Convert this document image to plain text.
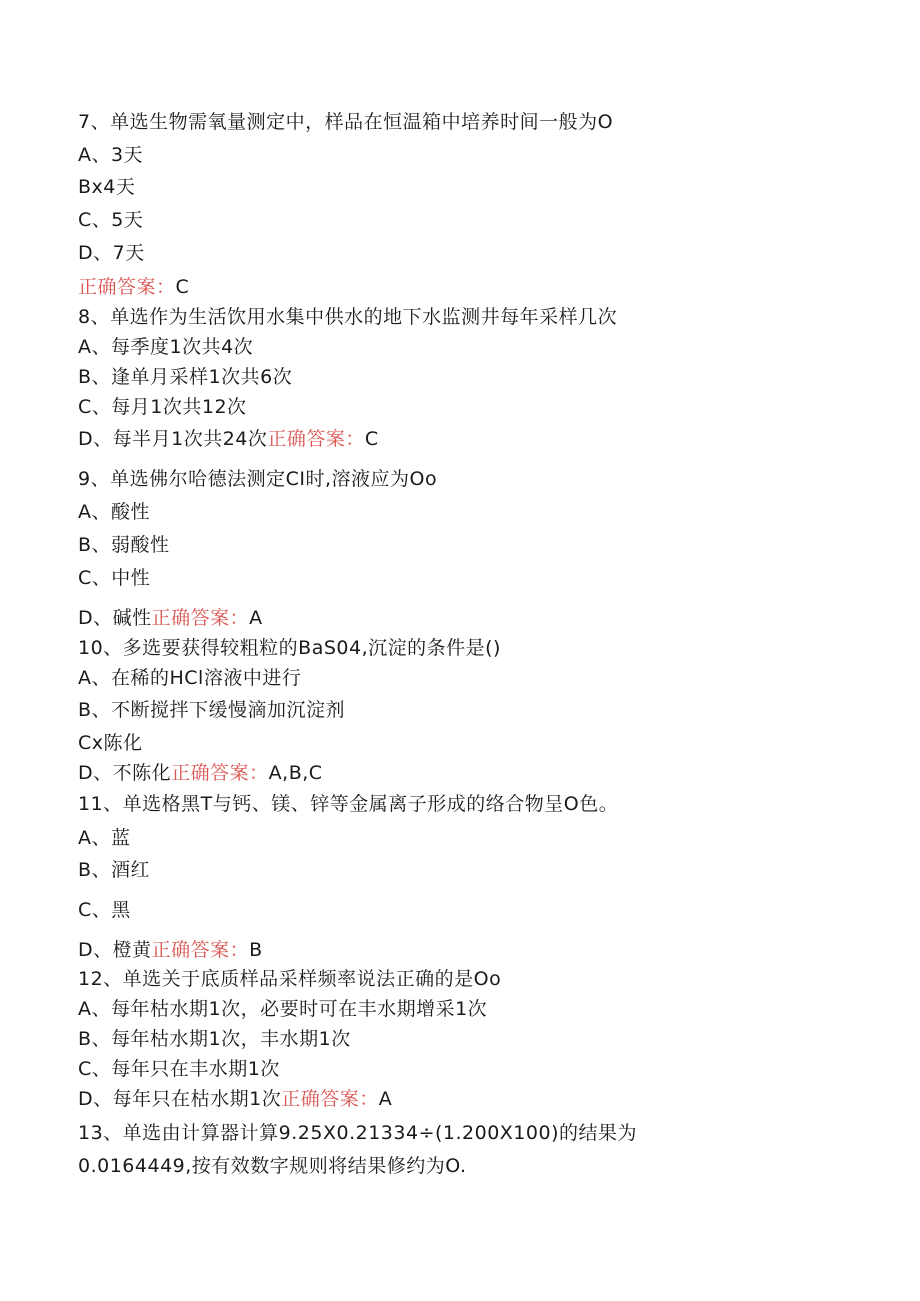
7、单选生物需氧量测定中，样品在恒温箱中培养时间一般为O
A、3天
Bx4天
C、5天
D、7天
正确答案：C
8、单选作为生活饮用水集中供水的地下水监测井每年采样几次
A、每季度1次共4次
B、逢单月采样1次共6次
C、每月1次共12次
D、每半月1次共24次正确答案：C
9、单选佛尔哈德法测定CI时,溶液应为Oo
A、酸性
B、弱酸性
C、中性
D、碱性正确答案：A
10、多选要获得较粗粒的BaS04,沉淀的条件是()
A、在稀的HCl溶液中进行
B、不断搅拌下缓慢滴加沉淀剂
Cx陈化
D、不陈化正确答案：A,B,C
11、单选格黑T与钙、镁、锌等金属离子形成的络合物呈O色。
A、蓝
B、酒红
C、黑
D、橙黄正确答案：B
12、单选关于底质样品采样频率说法正确的是Oo
A、每年枯水期1次，必要时可在丰水期增采1次
B、每年枯水期1次，丰水期1次
C、每年只在丰水期1次
D、每年只在枯水期1次正确答案：A
13、单选由计算器计算9.25X0.21334÷(1.200X100)的结果为
0.0164449,按有效数字规则将结果修约为O.
